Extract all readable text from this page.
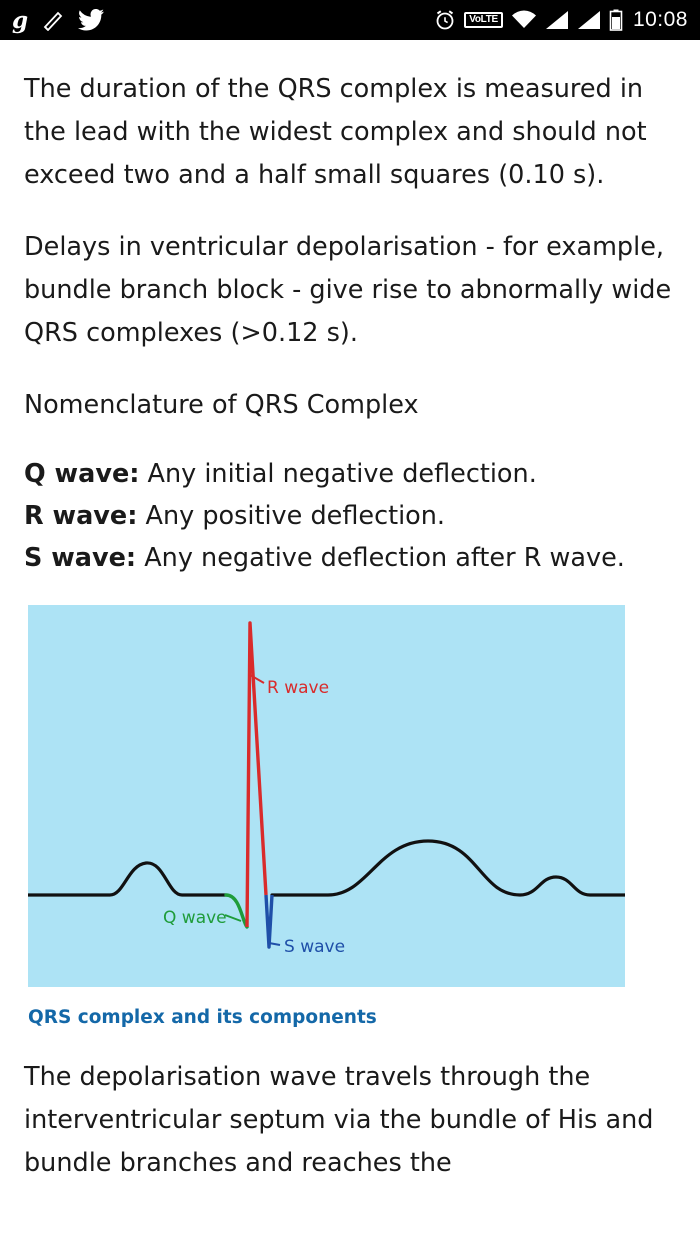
g	VoLTE	10:08

The duration of the QRS complex is measured in the lead with the widest complex and should not exceed two and a half small squares (0.10 s).

Delays in ventricular depolarisation - for example, bundle branch block - give rise to abnormally wide QRS complexes (>0.12 s).

Nomenclature of QRS Complex
Q wave: Any initial negative deflection.
R wave: Any positive deflection.
S wave: Any negative deflection after R wave.
R wave
Q wave
S wave
QRS complex and its components

The depolarisation wave travels through the interventricular septum via the bundle of His and bundle branches and reaches the
